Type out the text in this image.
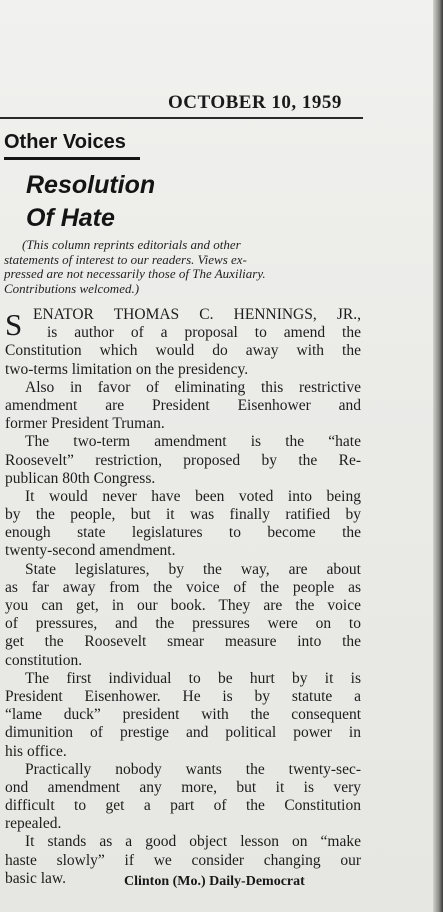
OCTOBER 10, 1959
Other Voices
Resolution
Of Hate
(This column reprints editorials and other
statements of interest to our readers. Views ex-
pressed are not necessarily those of The Auxiliary.
Contributions welcomed.)
S ENATOR THOMAS C. HENNINGS, JR.,
is author of a proposal to amend the
Constitution which would do away with the
two-terms limitation on the presidency.
Also in favor of eliminating this restrictive
amendment are President Eisenhower and
former President Truman.
The two-term amendment is the “hate
Roosevelt” restriction, proposed by the Re-
publican 80th Congress.
It would never have been voted into being
by the people, but it was finally ratified by
enough state legislatures to become the
twenty-second amendment.
State legislatures, by the way, are about
as far away from the voice of the people as
you can get, in our book. They are the voice
of pressures, and the pressures were on to
get the Roosevelt smear measure into the
constitution.
The first individual to be hurt by it is
President Eisenhower. He is by statute a
“lame duck” president with the consequent
dimunition of prestige and political power in
his office.
Practically nobody wants the twenty-sec-
ond amendment any more, but it is very
difficult to get a part of the Constitution
repealed.
It stands as a good object lesson on “make
haste slowly” if we consider changing our
basic law.	Clinton (Mo.) Daily-Democrat
